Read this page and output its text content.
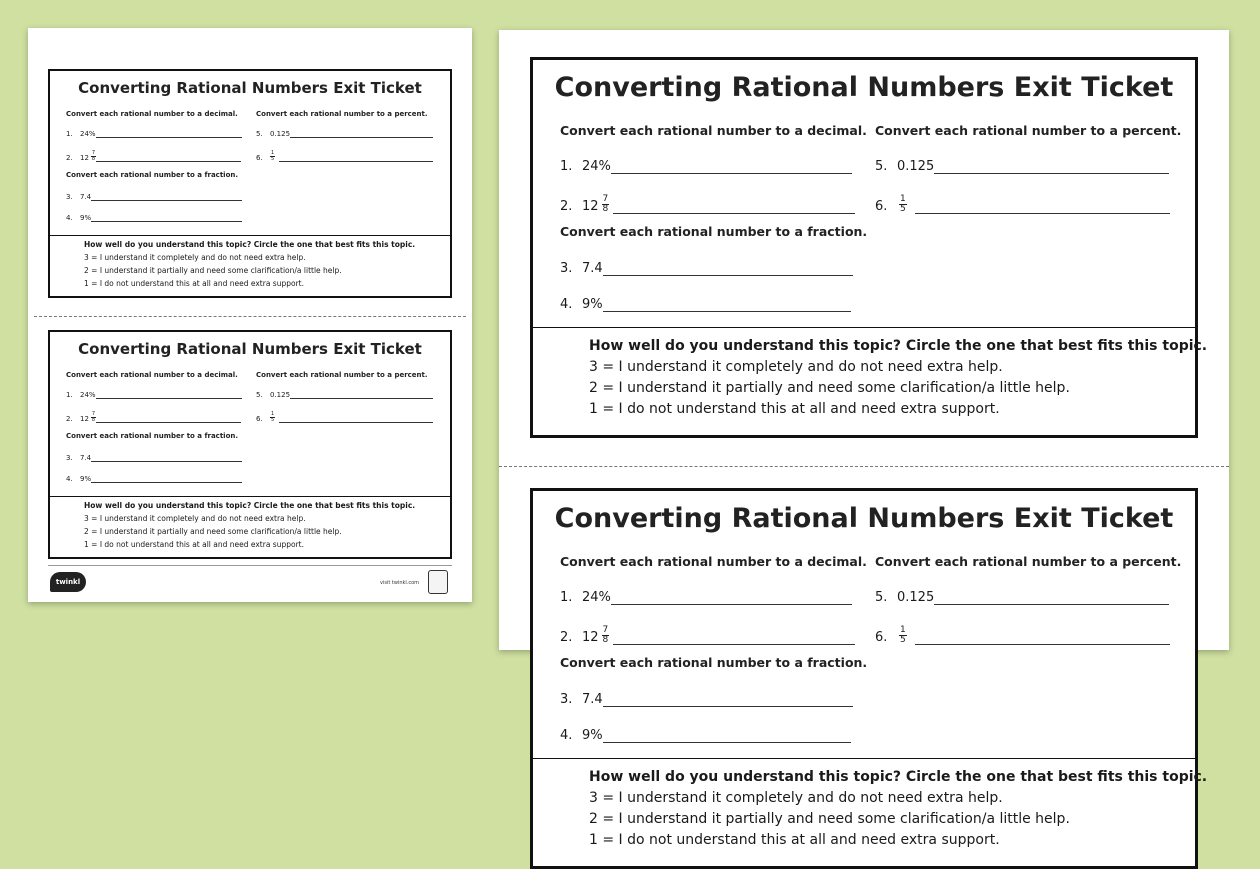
Converting Rational Numbers Exit Ticket
Convert each rational number to a decimal.	Convert each rational number to a percent.
1.	24%	5.	0.125
2.	$12 \frac{7}{8}$	6.	$\frac{1}{5}$
Convert each rational number to a fraction.
3.	7.4
4.	9%
How well do you understand this topic? Circle the one that best fits this topic.
3 = I understand it completely and do not need extra help.
2 = I understand it partially and need some clarification/a little help.
1 = I do not understand this at all and need extra support.
Converting Rational Numbers Exit Ticket
Convert each rational number to a decimal.	Convert each rational number to a percent.
1.	24%	5.	0.125
2.	$12 \frac{7}{8}$	6.	$\frac{1}{5}$
Convert each rational number to a fraction.
3.	7.4
4.	9%
How well do you understand this topic? Circle the one that best fits this topic.
3 = I understand it completely and do not need extra help.
2 = I understand it partially and need some clarification/a little help.
1 = I do not understand this at all and need extra support.
twinkl	visit twinkl.com
Converting Rational Numbers Exit Ticket
Convert each rational number to a decimal. Convert each rational number to a percent.
1. 24%	5. 0.125
2. $12 \frac{7}{8}$	6.	$\frac{1}{5}$
Convert each rational number to a fraction.
3. 7.4
4. 9%
How well do you understand this topic? Circle the one that best fits this topic.
3 = I understand it completely and do not need extra help.
2 = I understand it partially and need some clarification/a little help.
1 = I do not understand this at all and need extra support.
Converting Rational Numbers Exit Ticket
Convert each rational number to a decimal. Convert each rational number to a percent.
1. 24%	5. 0.125
2. $12 \frac{7}{8}$	6.	$\frac{1}{5}$
Convert each rational number to a fraction.
3. 7.4
4. 9%
How well do you understand this topic? Circle the one that best fits this topic.
3 = I understand it completely and do not need extra help.
2 = I understand it partially and need some clarification/a little help.
1 = I do not understand this at all and need extra support.
